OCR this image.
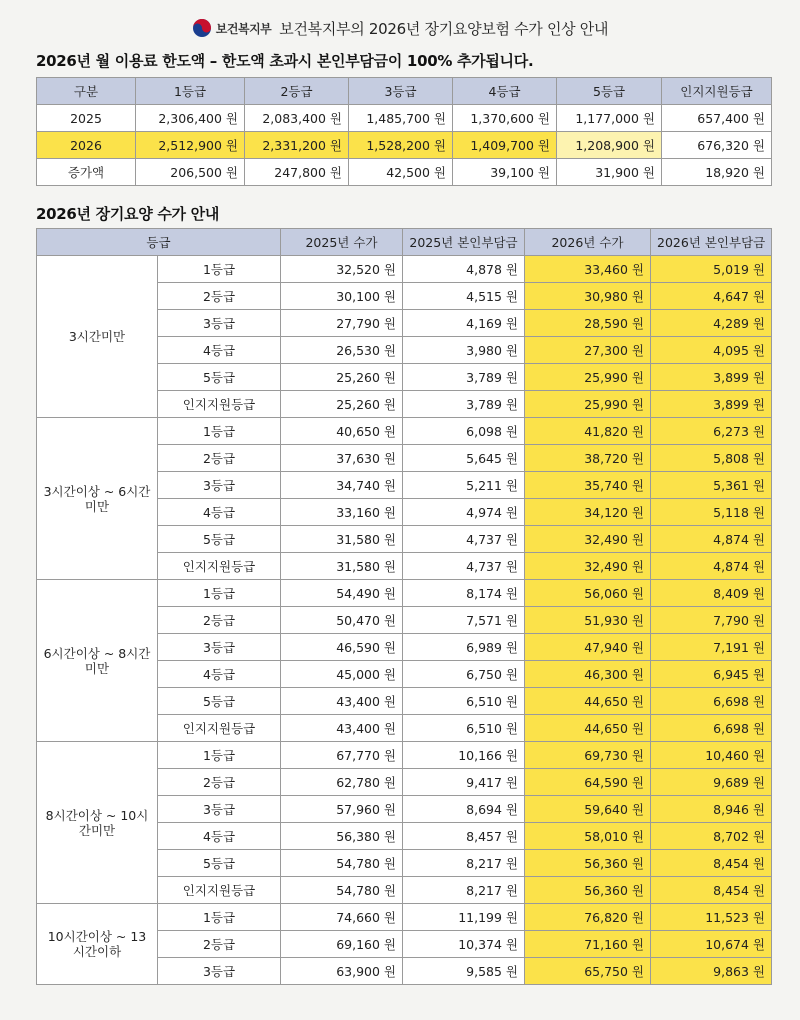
보건복지부 보건복지부의 2026년 장기요양보험 수가 인상 안내
2026년 월 이용료 한도액 – 한도액 초과시 본인부담금이 100% 추가됩니다.
구분	1등급	2등급	3등급	4등급	5등급	인지지원등급
2025	2,306,400 원	2,083,400 원	1,485,700 원	1,370,600 원	1,177,000 원	657,400 원
2026	2,512,900 원	2,331,200 원	1,528,200 원	1,409,700 원	1,208,900 원	676,320 원
증가액	206,500 원	247,800 원	42,500 원	39,100 원	31,900 원	18,920 원
2026년 장기요양 수가 안내
등급		2025년 수가	2025년 본인부담금	2026년 수가	2026년 본인부담금
3시간미만	1등급	32,520 원	4,878 원	33,460 원	5,019 원
	2등급	30,100 원	4,515 원	30,980 원	4,647 원
	3등급	27,790 원	4,169 원	28,590 원	4,289 원
	4등급	26,530 원	3,980 원	27,300 원	4,095 원
	5등급	25,260 원	3,789 원	25,990 원	3,899 원
	인지지원등급	25,260 원	3,789 원	25,990 원	3,899 원
3시간이상 ~ 6시간미만	1등급	40,650 원	6,098 원	41,820 원	6,273 원
	2등급	37,630 원	5,645 원	38,720 원	5,808 원
	3등급	34,740 원	5,211 원	35,740 원	5,361 원
	4등급	33,160 원	4,974 원	34,120 원	5,118 원
	5등급	31,580 원	4,737 원	32,490 원	4,874 원
	인지지원등급	31,580 원	4,737 원	32,490 원	4,874 원
6시간이상 ~ 8시간미만	1등급	54,490 원	8,174 원	56,060 원	8,409 원
	2등급	50,470 원	7,571 원	51,930 원	7,790 원
	3등급	46,590 원	6,989 원	47,940 원	7,191 원
	4등급	45,000 원	6,750 원	46,300 원	6,945 원
	5등급	43,400 원	6,510 원	44,650 원	6,698 원
	인지지원등급	43,400 원	6,510 원	44,650 원	6,698 원
8시간이상 ~ 10시간미만	1등급	67,770 원	10,166 원	69,730 원	10,460 원
	2등급	62,780 원	9,417 원	64,590 원	9,689 원
	3등급	57,960 원	8,694 원	59,640 원	8,946 원
	4등급	56,380 원	8,457 원	58,010 원	8,702 원
	5등급	54,780 원	8,217 원	56,360 원	8,454 원
	인지지원등급	54,780 원	8,217 원	56,360 원	8,454 원
10시간이상 ~ 13시간이하	1등급	74,660 원	11,199 원	76,820 원	11,523 원
	2등급	69,160 원	10,374 원	71,160 원	10,674 원
	3등급	63,900 원	9,585 원	65,750 원	9,863 원
